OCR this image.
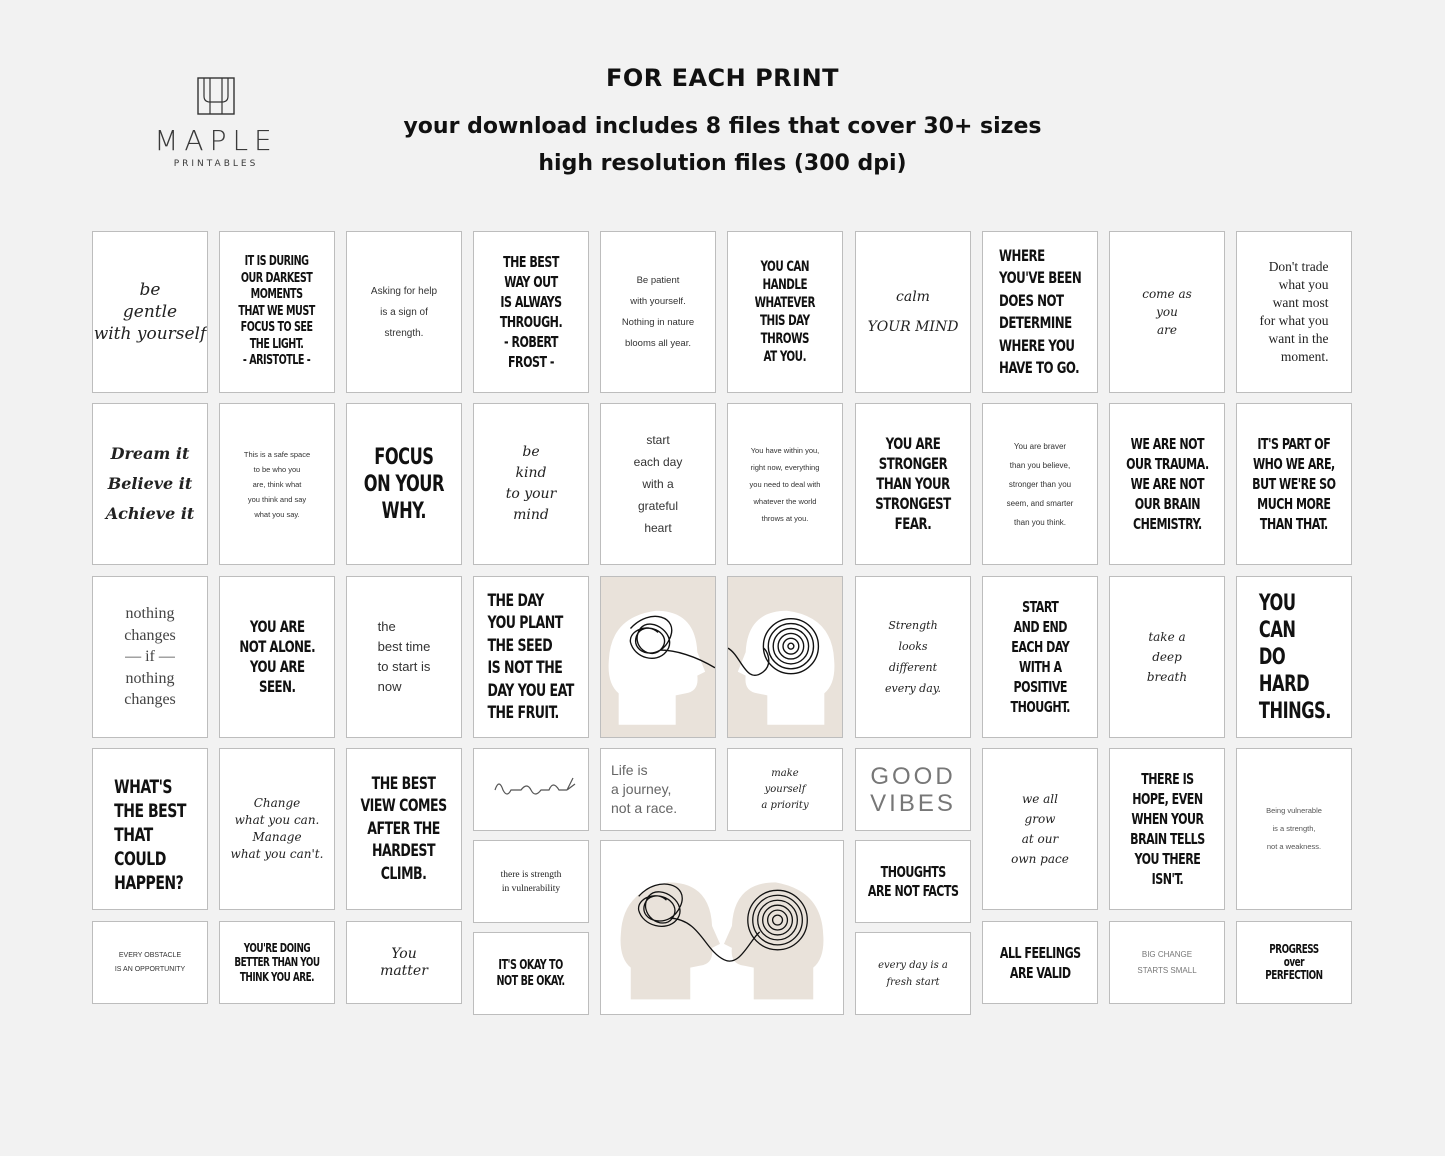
MAPLE
PRINTABLES
FOR EACH PRINT
your download includes 8 files that cover 30+ sizes
high resolution files (300 dpi)
be
gentle
with yourself
IT IS DURING
OUR DARKEST
MOMENTS
THAT WE MUST
FOCUS TO SEE
THE LIGHT.
- ARISTOTLE -
Asking for help
is a sign of
strength.
THE BEST
WAY OUT
IS ALWAYS
THROUGH.
- ROBERT FROST -
Be patient
with yourself.
Nothing in nature
blooms all year.
YOU CAN
HANDLE
WHATEVER
THIS DAY
THROWS
AT YOU.
calm
YOUR MIND
WHERE
YOU'VE BEEN
DOES NOT
DETERMINE
WHERE YOU
HAVE TO GO.
come as
you
are
Don't trade
what you
want most
for what you
want in the
moment.
Dream it
Believe it
Achieve it
This is a safe space
to be who you
are, think what
you think and say
what you say.
FOCUS
ON YOUR
WHY.
be
kind
to your
mind
start
each day
with a
grateful
heart
You have within you,
right now, everything
you need to deal with
whatever the world
throws at you.
YOU ARE
STRONGER
THAN YOUR
STRONGEST
FEAR.
You are braver
than you believe,
stronger than you
seem, and smarter
than you think.
WE ARE NOT
OUR TRAUMA.
WE ARE NOT
OUR BRAIN
CHEMISTRY.
IT'S PART OF
WHO WE ARE,
BUT WE'RE SO
MUCH MORE
THAN THAT.
nothing
changes
— if —
nothing
changes
YOU ARE
NOT ALONE.
YOU ARE
SEEN.
the
best time
to start is
now
THE DAY
YOU PLANT
THE SEED
IS NOT THE
DAY YOU EAT
THE FRUIT.
Strength
looks
different
every day.
START
AND END
EACH DAY
WITH A
POSITIVE
THOUGHT.
take a
deep
breath
YOU
CAN
DO
HARD
THINGS.
WHAT'S
THE BEST
THAT COULD
HAPPEN?
Change
what you can.
Manage
what you can't.
THE BEST
VIEW COMES
AFTER THE
HARDEST
CLIMB.
Life is
a journey,
not a race.
make
yourself
a priority
GOOD
VIBES	we all
grow
at our
own pace
THERE IS
HOPE, EVEN
WHEN YOUR
BRAIN TELLS
YOU THERE
ISN'T.
Being vulnerable
is a strength,
not a weakness.
there is strength
in vulnerability
THOUGHTS
ARE NOT FACTS
EVERY OBSTACLE
IS AN OPPORTUNITY
YOU'RE DOING
BETTER THAN YOU
THINK YOU ARE.
You
matter	IT'S OKAY TO
NOT BE OKAY.
every day is a
fresh start
ALL FEELINGS
ARE VALID
BIG CHANGE
STARTS SMALL
PROGRESS
over
PERFECTION
